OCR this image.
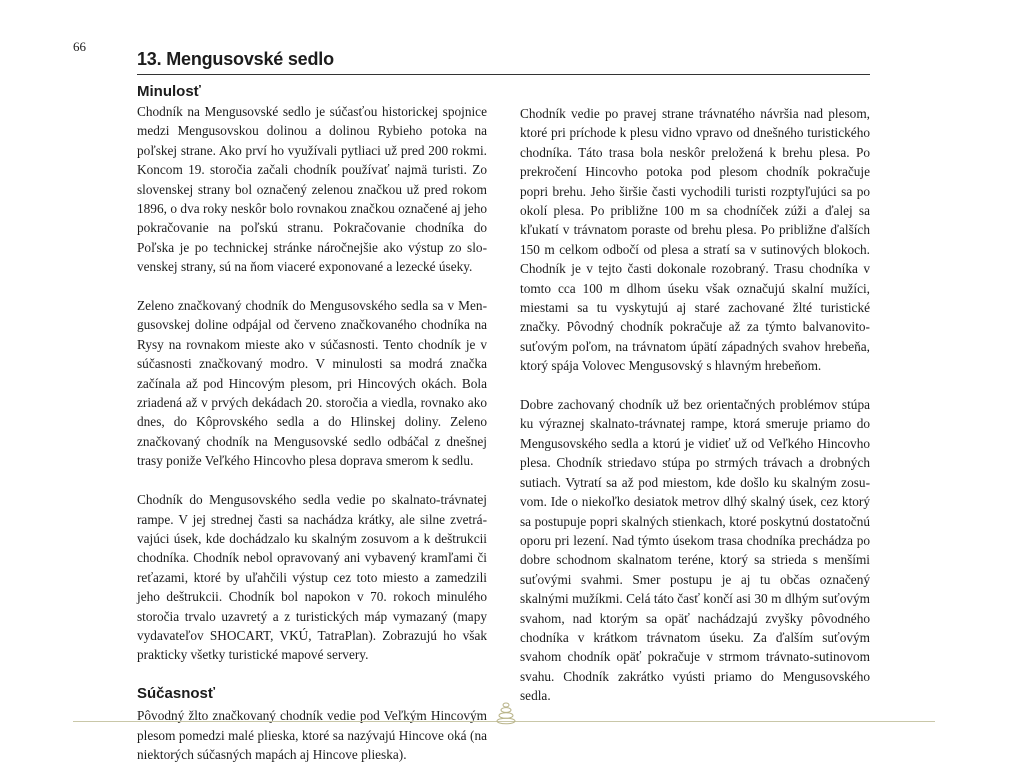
66
13. Mengusovské sedlo
Minulosť

Chodník na Mengusovské sedlo je súčasťou historickej spojnice medzi Mengusovskou dolinou a dolinou Rybieho potoka na poľskej strane. Ako prví ho využívali pytliaci už pred 200 rokmi. Koncom 19. storočia začali chodník používať najmä turisti. Zo slovenskej strany bol označený zelenou značkou už pred rokom 1896, o dva roky neskôr bolo rovnakou značkou označené aj jeho pokračovanie na poľskú stranu. Pokračovanie chodníka do Poľska je po technickej stránke náročnejšie ako výstup zo slovenskej strany, sú na ňom viaceré exponované a lezecké úseky.

Zeleno značkovaný chodník do Mengusovského sedla sa v Mengusovskej doline odpájal od červeno značkovaného chodníka na Rysy na rovnakom mieste ako v súčasnosti. Tento chodník je v súčasnosti značkovaný modro. V minulosti sa modrá značka začínala až pod Hincovým plesom, pri Hincových okách. Bola zriadená až v prvých dekádach 20. storočia a viedla, rovnako ako dnes, do Kôprovského sedla a do Hlinskej doliny. Zeleno značkovaný chodník na Mengusovské sedlo odbáčal z dnešnej trasy poniže Veľkého Hincovho plesa doprava smerom k sedlu.

Chodník do Mengusovského sedla vedie po skalnato-trávnatej rampe. V jej strednej časti sa nachádza krátky, ale silne zvetrávajúci úsek, kde dochádzalo ku skalným zosuvom a k deštrukcii chodníka. Chodník nebol opravovaný ani vybavený kramľami či reťazami, ktoré by uľahčili výstup cez toto miesto a zamedzili jeho deštrukcii. Chodník bol napokon v 70. rokoch minulého storočia trvalo uzavretý a z turistických máp vymazaný (mapy vydavateľov SHOCART, VKÚ, TatraPlan). Zobrazujú ho však prakticky všetky turistické mapové servery.

Súčasnosť

Pôvodný žlto značkovaný chodník vedie pod Veľkým Hincovým plesom pomedzi malé plieska, ktoré sa nazývajú Hincove oká (na niektorých súčasných mapách aj Hincove plieska).

Chodník vedie po pravej strane trávnatého návršia nad plesom, ktoré pri príchode k plesu vidno vpravo od dnešného turistického chodníka. Táto trasa bola neskôr preložená k brehu plesa. Po prekročení Hincovho potoka pod plesom chodník pokračuje popri brehu. Jeho širšie časti vychodili turisti rozptyľujúci sa po okolí plesa. Po približne 100 m sa chodníček zúži a ďalej sa kľukatí v trávnatom poraste od brehu plesa. Po približne ďalších 150 m celkom odbočí od plesa a stratí sa v sutinových blokoch. Chodník je v tejto časti dokonale rozobraný. Trasu chodníka v tomto cca 100 m dlhom úseku však označujú skalní mužíci, miestami sa tu vyskytujú aj staré zachované žlté turistické značky. Pôvodný chodník pokračuje až za týmto balvanovito-suťovým poľom, na trávnatom úpätí západných svahov hrebeňa, ktorý spája Volovec Mengusovský s hlavným hrebeňom.

Dobre zachovaný chodník už bez orientačných problémov stúpa ku výraznej skalnato-trávnatej rampe, ktorá smeruje priamo do Mengusovského sedla a ktorú je vidieť už od Veľkého Hincovho plesa. Chodník striedavo stúpa po strmých trávach a drobných sutiach. Vytratí sa až pod miestom, kde došlo ku skalným zosuvom. Ide o niekoľko desiatok metrov dlhý skalný úsek, cez ktorý sa postupuje popri skalných stienkach, ktoré poskytnú dostatočnú oporu pri lezení. Nad týmto úsekom trasa chodníka prechádza po dobre schodnom skalnatom teréne, ktorý sa strieda s menšími suťovými svahmi. Smer postupu je aj tu občas označený skalnými mužíkmi. Celá táto časť končí asi 30 m dlhým suťovým svahom, nad ktorým sa opäť nachádzajú zvyšky pôvodného chodníka v krátkom trávnatom úseku. Za ďalším suťovým svahom chodník opäť pokračuje v strmom trávnato-sutinovom svahu. Chodník zakrátko vyústi priamo do Mengusovského sedla.
